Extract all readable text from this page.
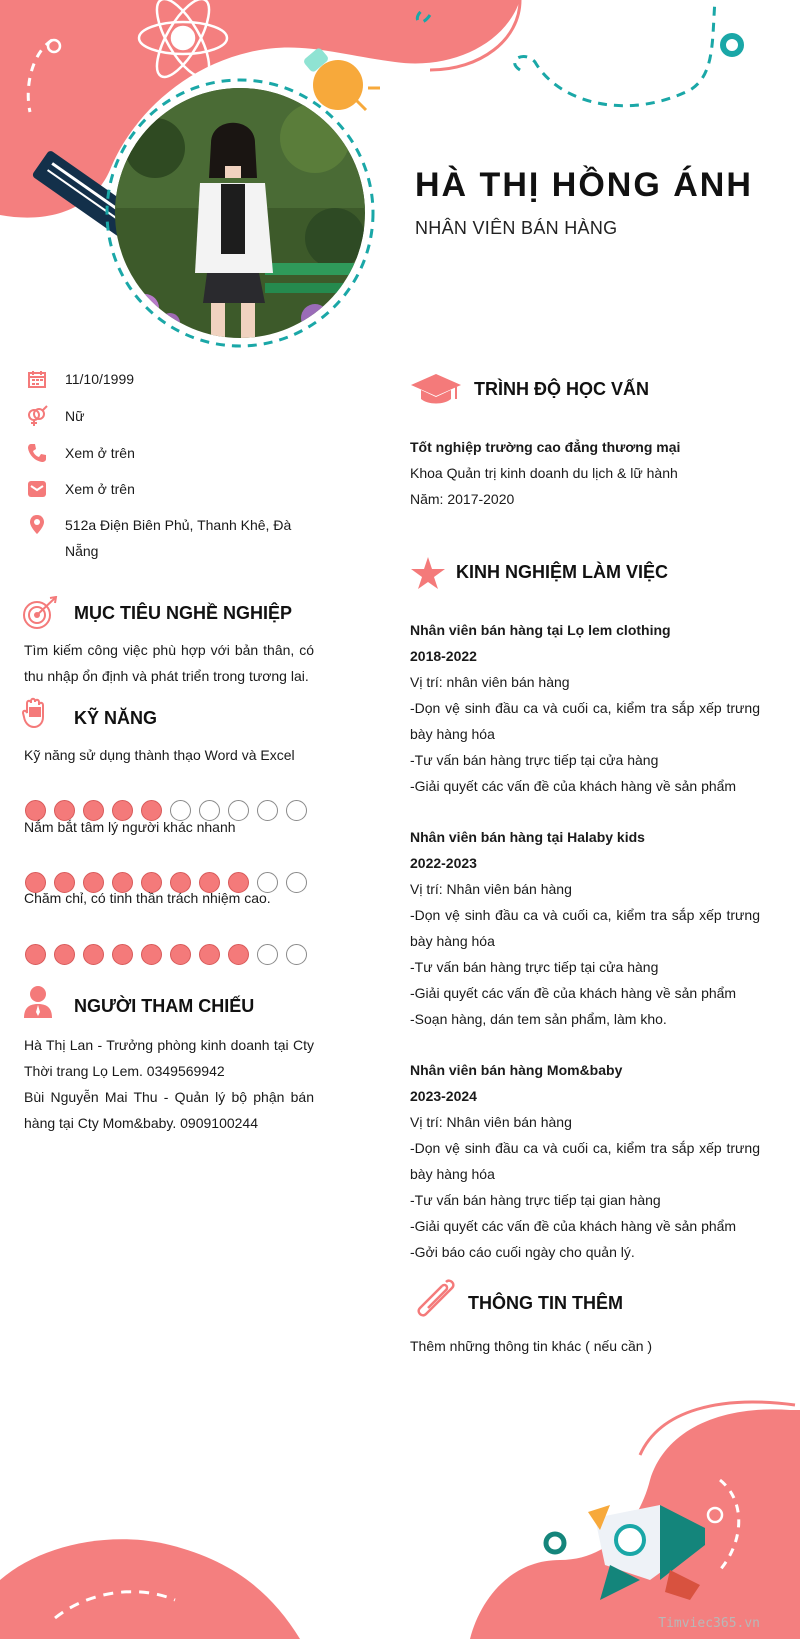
HÀ THỊ HỒNG ÁNH
NHÂN VIÊN BÁN HÀNG
11/10/1999
Nữ
Xem ở trên
Xem ở trên
512a Điện Biên Phủ, Thanh Khê, Đà Nẵng
MỤC TIÊU NGHỀ NGHIỆP
Tìm kiếm công việc phù hợp với bản thân, có thu nhập ổn định và phát triển trong tương lai.
KỸ NĂNG
Kỹ năng sử dụng thành thạo Word và Excel
Nắm bắt tâm lý người khác nhanh
Chăm chỉ, có tinh thần trách nhiệm cao.
NGƯỜI THAM CHIẾU
Hà Thị Lan - Trưởng phòng kinh doanh tại Cty Thời trang Lọ Lem. 0349569942
Bùi Nguyễn Mai Thu - Quản lý bộ phận bán hàng tại Cty Mom&baby. 0909100244
TRÌNH ĐỘ HỌC VẤN
Tốt nghiệp trường cao đẳng thương mại
Khoa Quản trị kinh doanh du lịch & lữ hành
Năm: 2017-2020
KINH NGHIỆM LÀM VIỆC
Nhân viên bán hàng tại Lọ lem clothing
2018-2022
Vị trí: nhân viên bán hàng
-Dọn vệ sinh đầu ca và cuối ca, kiểm tra sắp xếp trưng bày hàng hóa
-Tư vấn bán hàng trực tiếp tại cửa hàng
-Giải quyết các vấn đề của khách hàng về sản phẩm
Nhân viên bán hàng tại Halaby kids
2022-2023
Vị trí: Nhân viên bán hàng
-Dọn vệ sinh đầu ca và cuối ca, kiểm tra sắp xếp trưng bày hàng hóa
-Tư vấn bán hàng trực tiếp tại cửa hàng
-Giải quyết các vấn đề của khách hàng về sản phẩm
-Soạn hàng, dán tem sản phẩm, làm kho.
Nhân viên bán hàng Mom&baby
2023-2024
Vị trí: Nhân viên bán hàng
-Dọn vệ sinh đầu ca và cuối ca, kiểm tra sắp xếp trưng bày hàng hóa
-Tư vấn bán hàng trực tiếp tại gian hàng
-Giải quyết các vấn đề của khách hàng về sản phẩm
-Gởi báo cáo cuối ngày cho quản lý.
THÔNG TIN THÊM
Thêm những thông tin khác ( nếu cần )
Timviec365.vn
